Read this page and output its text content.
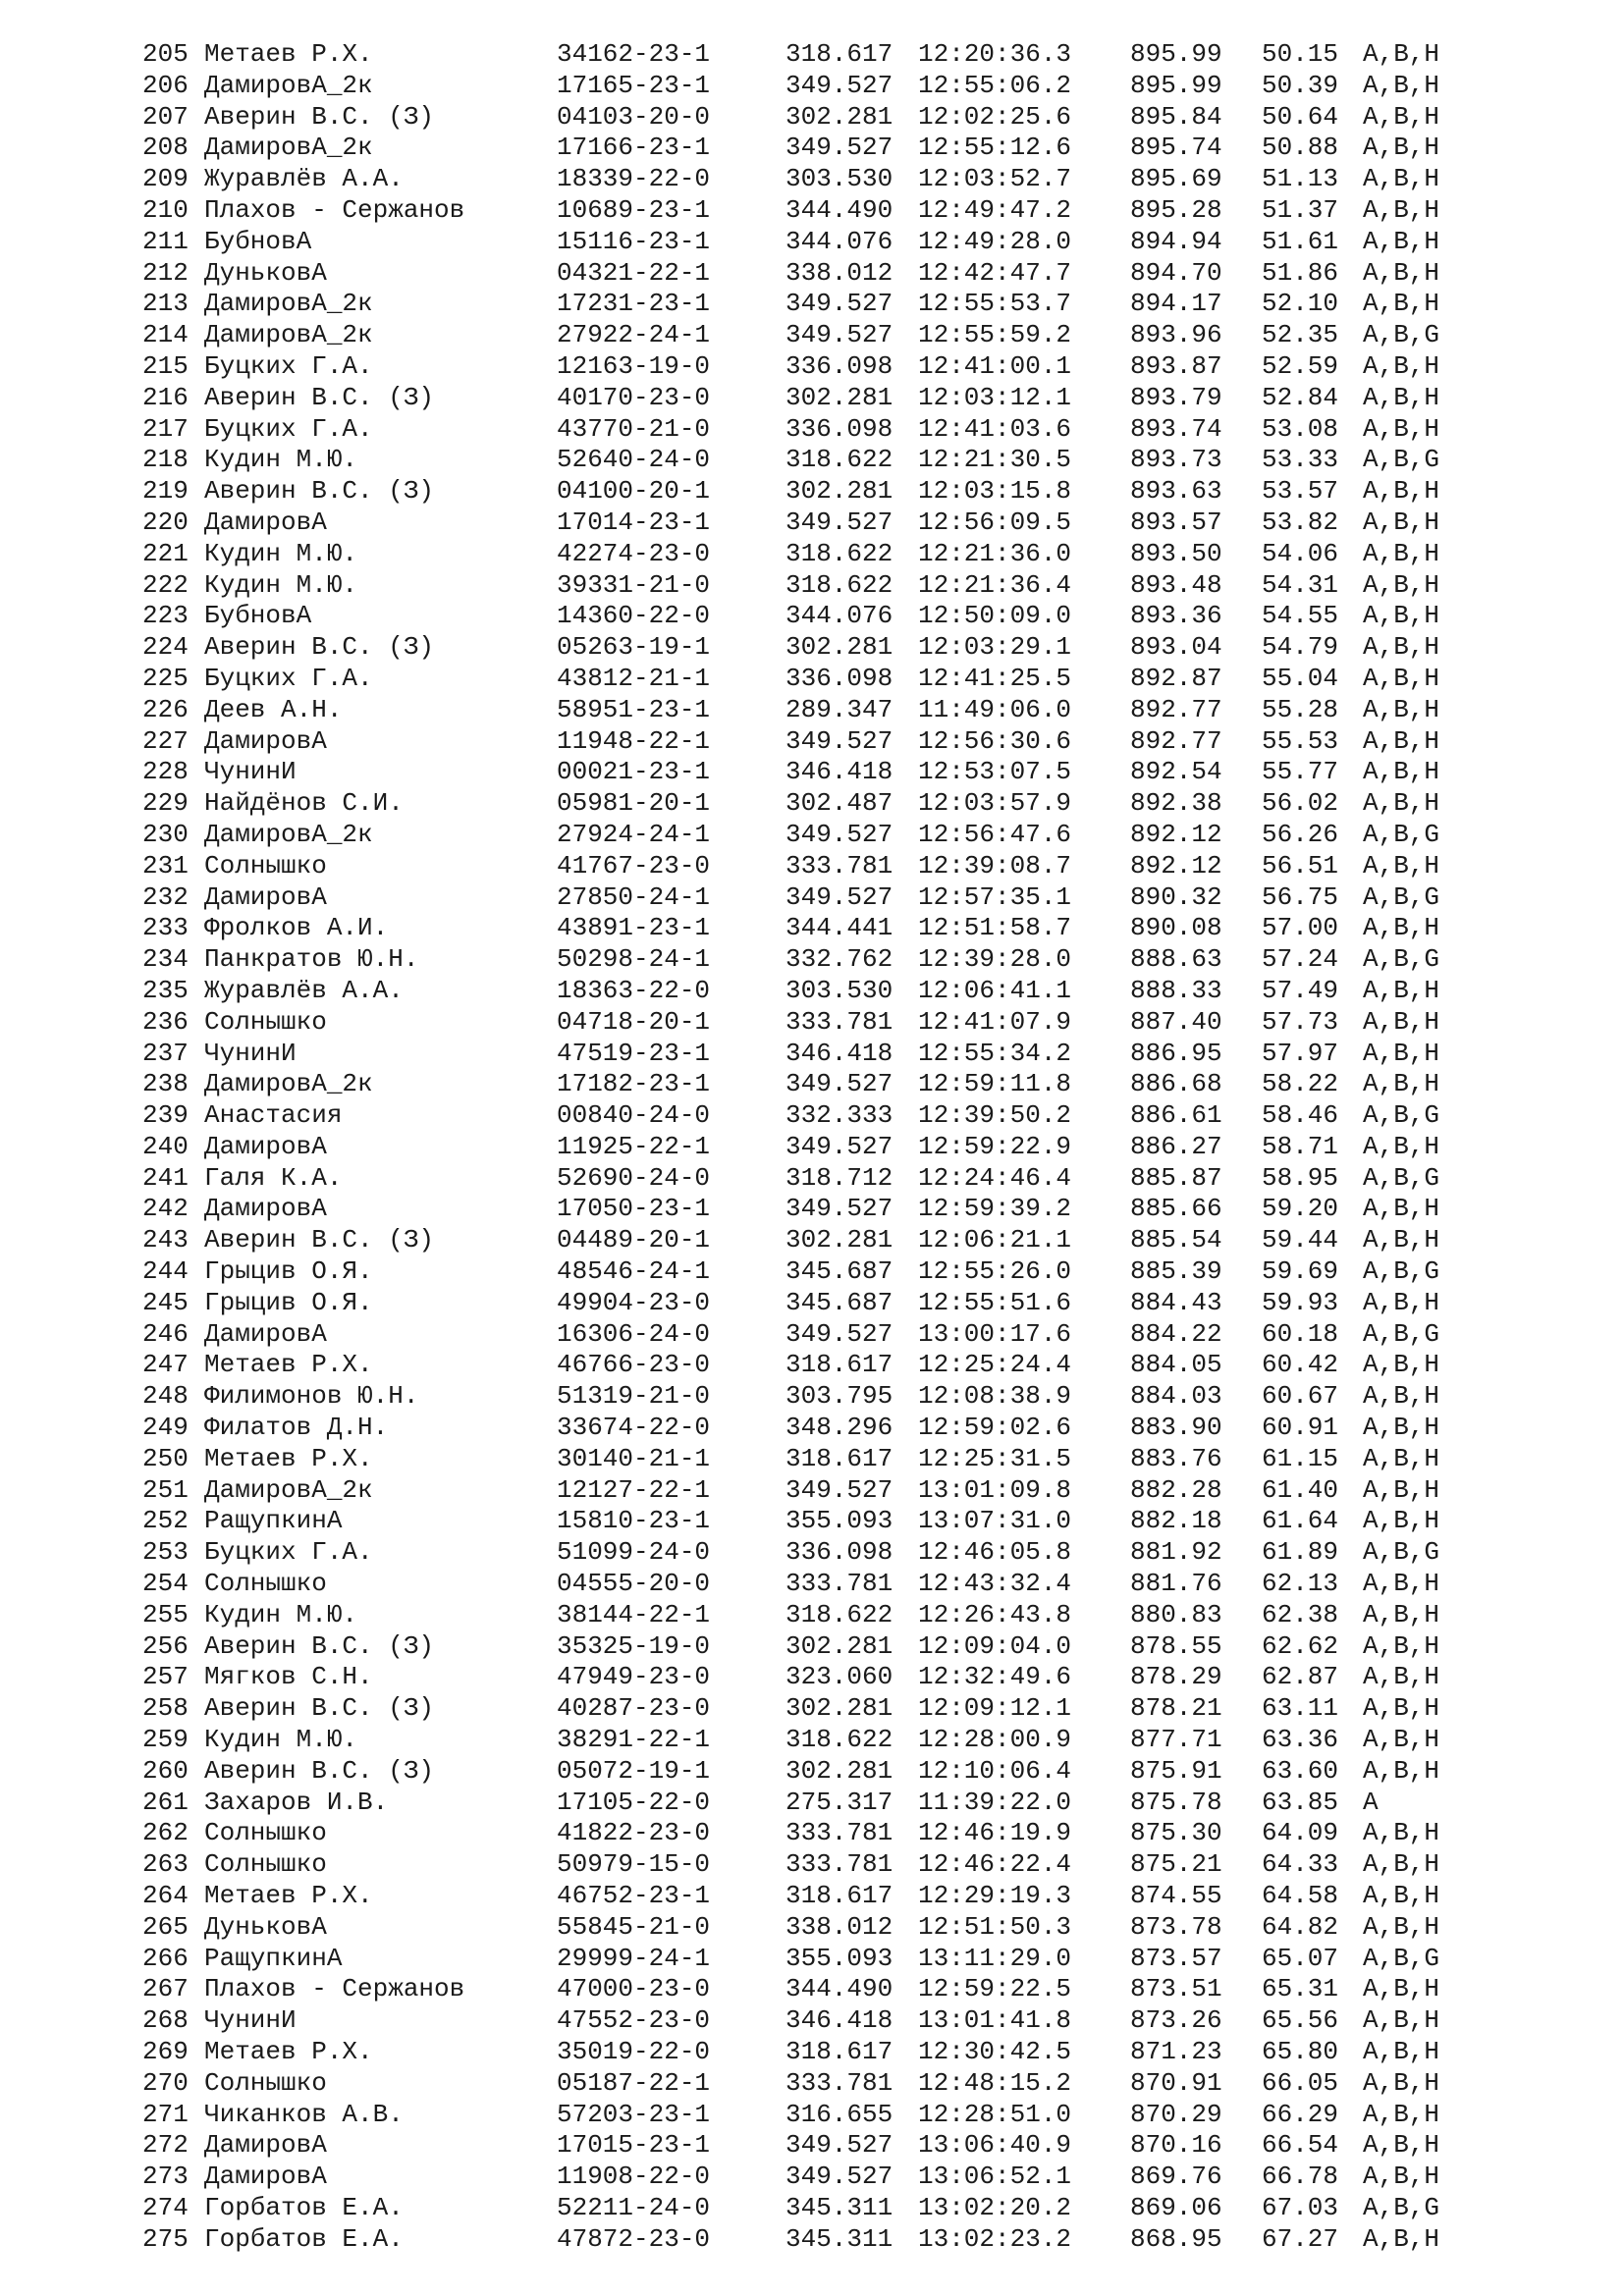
205 Метаев Р.Х.	34162-23-1	318.617 12:20:36.3 895.99 50.15 A,B,H
206 ДамировА_2к	17165-23-1	349.527 12:55:06.2 895.99 50.39 A,B,H
207 Аверин В.С. (З)	04103-20-0	302.281 12:02:25.6 895.84 50.64 A,B,H
208 ДамировА_2к	17166-23-1	349.527 12:55:12.6 895.74 50.88 A,B,H
209 Журавлёв А.А.	18339-22-0	303.530 12:03:52.7 895.69 51.13 A,B,H
210 Плахов - Сержанов	10689-23-1	344.490 12:49:47.2 895.28 51.37 A,B,H
211 БубновА	15116-23-1	344.076 12:49:28.0 894.94 51.61 A,B,H
212 ДуньковА	04321-22-1	338.012 12:42:47.7 894.70 51.86 A,B,H
213 ДамировА_2к	17231-23-1	349.527 12:55:53.7 894.17 52.10 A,B,H
214 ДамировА_2к	27922-24-1	349.527 12:55:59.2 893.96 52.35 A,B,G
215 Буцких Г.А.	12163-19-0	336.098 12:41:00.1 893.87 52.59 A,B,H
216 Аверин В.С. (З)	40170-23-0	302.281 12:03:12.1 893.79 52.84 A,B,H
217 Буцких Г.А.	43770-21-0	336.098 12:41:03.6 893.74 53.08 A,B,H
218 Кудин М.Ю.	52640-24-0	318.622 12:21:30.5 893.73 53.33 A,B,G
219 Аверин В.С. (З)	04100-20-1	302.281 12:03:15.8 893.63 53.57 A,B,H
220 ДамировА	17014-23-1	349.527 12:56:09.5 893.57 53.82 A,B,H
221 Кудин М.Ю.	42274-23-0	318.622 12:21:36.0 893.50 54.06 A,B,H
222 Кудин М.Ю.	39331-21-0	318.622 12:21:36.4 893.48 54.31 A,B,H
223 БубновА	14360-22-0	344.076 12:50:09.0 893.36 54.55 A,B,H
224 Аверин В.С. (З)	05263-19-1	302.281 12:03:29.1 893.04 54.79 A,B,H
225 Буцких Г.А.	43812-21-1	336.098 12:41:25.5 892.87 55.04 A,B,H
226 Деев А.Н.	58951-23-1	289.347 11:49:06.0 892.77 55.28 A,B,H
227 ДамировА	11948-22-1	349.527 12:56:30.6 892.77 55.53 A,B,H
228 ЧунинИ	00021-23-1	346.418 12:53:07.5 892.54 55.77 A,B,H
229 Найдёнов С.И.	05981-20-1	302.487 12:03:57.9 892.38 56.02 A,B,H
230 ДамировА_2к	27924-24-1	349.527 12:56:47.6 892.12 56.26 A,B,G
231 Солнышко	41767-23-0	333.781 12:39:08.7 892.12 56.51 A,B,H
232 ДамировА	27850-24-1	349.527 12:57:35.1 890.32 56.75 A,B,G
233 Фролков А.И.	43891-23-1	344.441 12:51:58.7 890.08 57.00 A,B,H
234 Панкратов Ю.Н.	50298-24-1	332.762 12:39:28.0 888.63 57.24 A,B,G
235 Журавлёв А.А.	18363-22-0	303.530 12:06:41.1 888.33 57.49 A,B,H
236 Солнышко	04718-20-1	333.781 12:41:07.9 887.40 57.73 A,B,H
237 ЧунинИ	47519-23-1	346.418 12:55:34.2 886.95 57.97 A,B,H
238 ДамировА_2к	17182-23-1	349.527 12:59:11.8 886.68 58.22 A,B,H
239 Анастасия	00840-24-0	332.333 12:39:50.2 886.61 58.46 A,B,G
240 ДамировА	11925-22-1	349.527 12:59:22.9 886.27 58.71 A,B,H
241 Галя К.А.	52690-24-0	318.712 12:24:46.4 885.87 58.95 A,B,G
242 ДамировА	17050-23-1	349.527 12:59:39.2 885.66 59.20 A,B,H
243 Аверин В.С. (З)	04489-20-1	302.281 12:06:21.1 885.54 59.44 A,B,H
244 Грыцив О.Я.	48546-24-1	345.687 12:55:26.0 885.39 59.69 A,B,G
245 Грыцив О.Я.	49904-23-0	345.687 12:55:51.6 884.43 59.93 A,B,H
246 ДамировА	16306-24-0	349.527 13:00:17.6 884.22 60.18 A,B,G
247 Метаев Р.Х.	46766-23-0	318.617 12:25:24.4 884.05 60.42 A,B,H
248 Филимонов Ю.Н.	51319-21-0	303.795 12:08:38.9 884.03 60.67 A,B,H
249 Филатов Д.Н.	33674-22-0	348.296 12:59:02.6 883.90 60.91 A,B,H
250 Метаев Р.Х.	30140-21-1	318.617 12:25:31.5 883.76 61.15 A,B,H
251 ДамировА_2к	12127-22-1	349.527 13:01:09.8 882.28 61.40 A,B,H
252 РащупкинА	15810-23-1	355.093 13:07:31.0 882.18 61.64 A,B,H
253 Буцких Г.А.	51099-24-0	336.098 12:46:05.8 881.92 61.89 A,B,G
254 Солнышко	04555-20-0	333.781 12:43:32.4 881.76 62.13 A,B,H
255 Кудин М.Ю.	38144-22-1	318.622 12:26:43.8 880.83 62.38 A,B,H
256 Аверин В.С. (З)	35325-19-0	302.281 12:09:04.0 878.55 62.62 A,B,H
257 Мягков С.Н.	47949-23-0	323.060 12:32:49.6 878.29 62.87 A,B,H
258 Аверин В.С. (З)	40287-23-0	302.281 12:09:12.1 878.21 63.11 A,B,H
259 Кудин М.Ю.	38291-22-1	318.622 12:28:00.9 877.71 63.36 A,B,H
260 Аверин В.С. (З)	05072-19-1	302.281 12:10:06.4 875.91 63.60 A,B,H
261 Захаров И.В.	17105-22-0	275.317 11:39:22.0 875.78 63.85 A
262 Солнышко	41822-23-0	333.781 12:46:19.9 875.30 64.09 A,B,H
263 Солнышко	50979-15-0	333.781 12:46:22.4 875.21 64.33 A,B,H
264 Метаев Р.Х.	46752-23-1	318.617 12:29:19.3 874.55 64.58 A,B,H
265 ДуньковА	55845-21-0	338.012 12:51:50.3 873.78 64.82 A,B,H
266 РащупкинА	29999-24-1	355.093 13:11:29.0 873.57 65.07 A,B,G
267 Плахов - Сержанов	47000-23-0	344.490 12:59:22.5 873.51 65.31 A,B,H
268 ЧунинИ	47552-23-0	346.418 13:01:41.8 873.26 65.56 A,B,H
269 Метаев Р.Х.	35019-22-0	318.617 12:30:42.5 871.23 65.80 A,B,H
270 Солнышко	05187-22-1	333.781 12:48:15.2 870.91 66.05 A,B,H
271 Чиканков А.В.	57203-23-1	316.655 12:28:51.0 870.29 66.29 A,B,H
272 ДамировА	17015-23-1	349.527 13:06:40.9 870.16 66.54 A,B,H
273 ДамировА	11908-22-0	349.527 13:06:52.1 869.76 66.78 A,B,H
274 Горбатов Е.А.	52211-24-0	345.311 13:02:20.2 869.06 67.03 A,B,G
275 Горбатов Е.А.	47872-23-0	345.311 13:02:23.2 868.95 67.27 A,B,H
